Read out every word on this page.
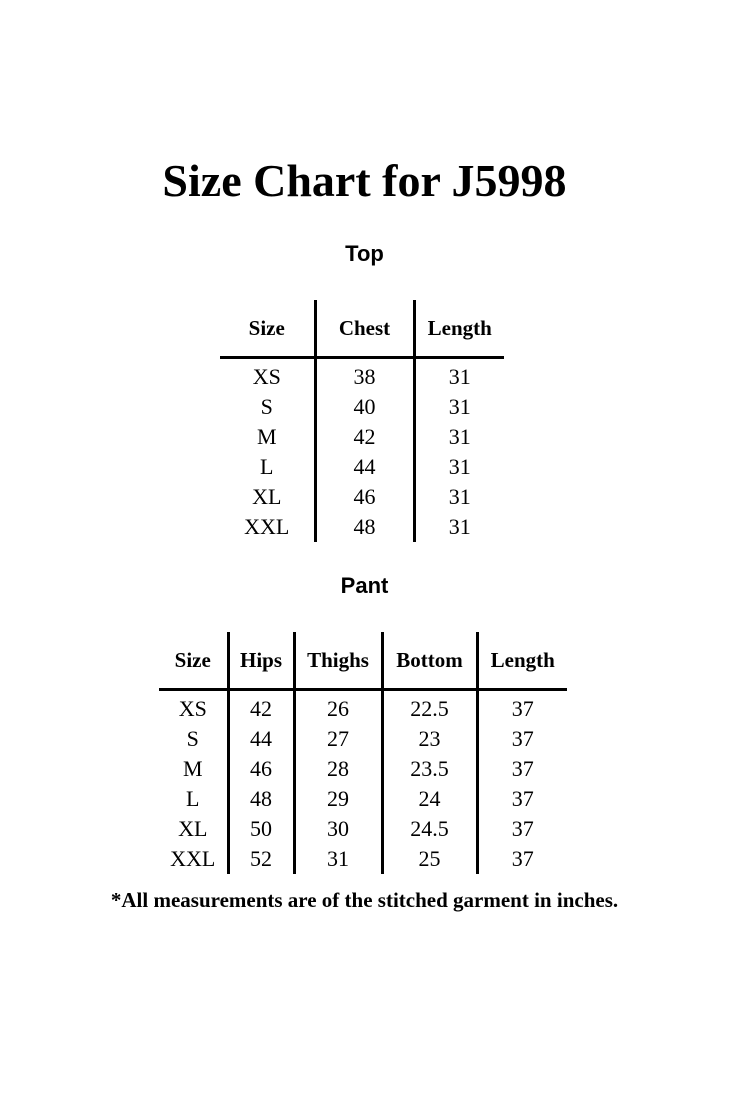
Size Chart for J5998
Top
Size	Chest	Length
XS	38	31
S	40	31
M	42	31
L	44	31
XL	46	31
XXL	48	31
Pant
Size	Hips	Thighs	Bottom	Length
XS	42	26	22.5	37
S	44	27	23	37
M	46	28	23.5	37
L	48	29	24	37
XL	50	30	24.5	37
XXL	52	31	25	37

*All measurements are of the stitched garment in inches.
